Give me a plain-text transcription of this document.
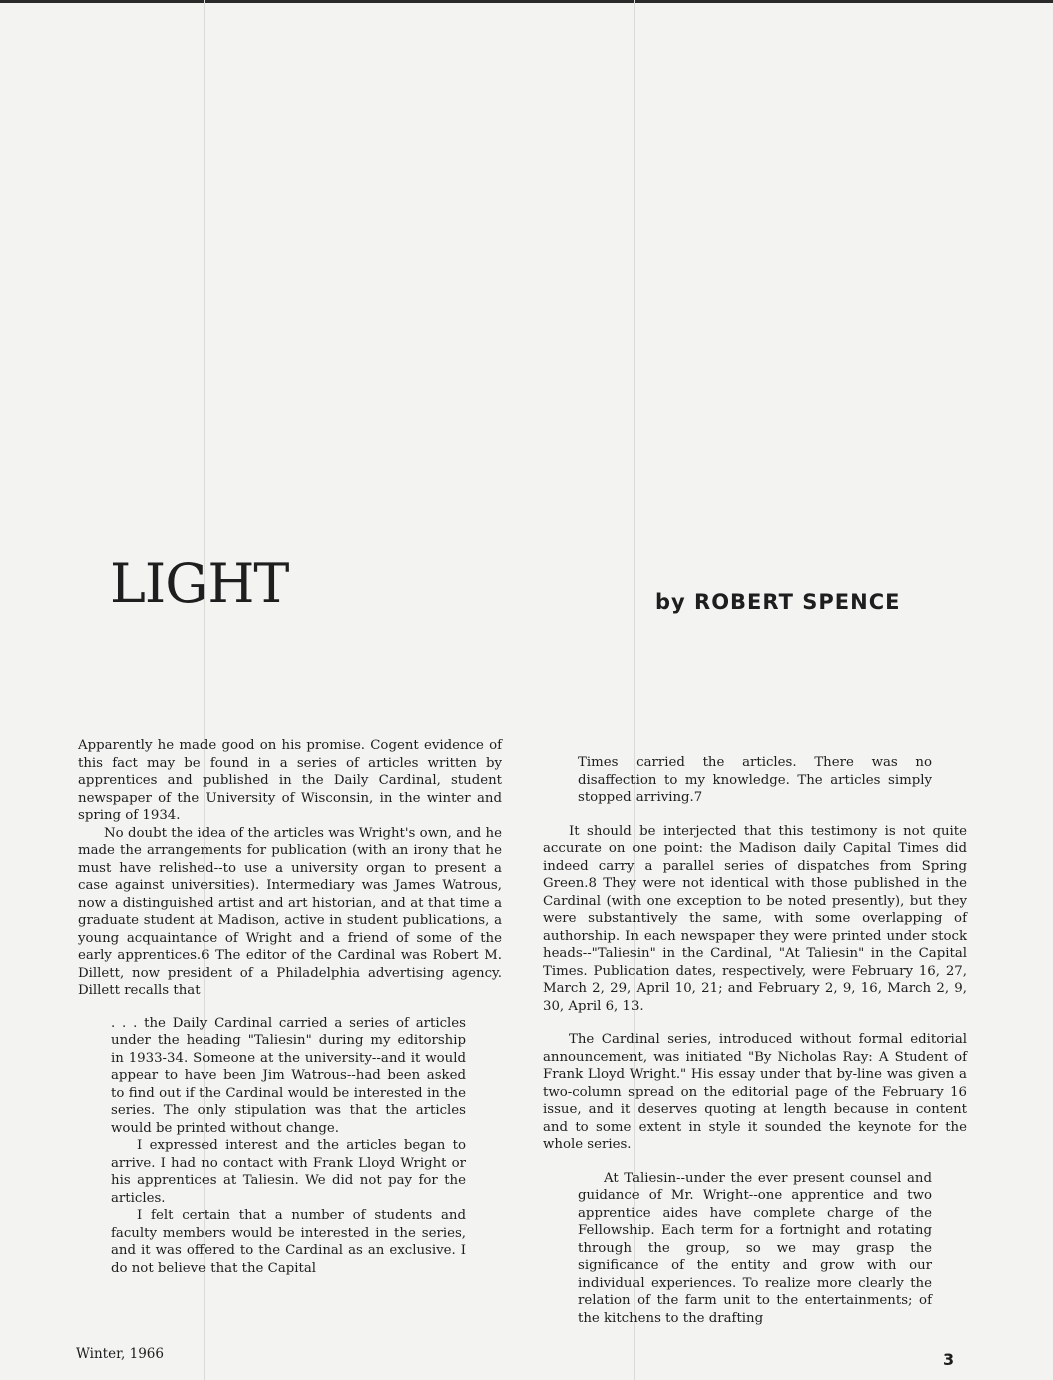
LIGHT	by ROBERT SPENCE

Apparently he made good on his promise. Cogent evidence of this fact may be found in a series of articles written by apprentices and published in the Daily Cardinal, student newspaper of the University of Wisconsin, in the winter and spring of 1934.

No doubt the idea of the articles was Wright's own, and he made the arrangements for publication (with an irony that he must have relished--to use a university organ to present a case against universities). Intermediary was James Watrous, now a distinguished artist and art historian, and at that time a graduate student at Madison, active in student publications, a young acquaintance of Wright and a friend of some of the early apprentices.6 The editor of the Cardinal was Robert M. Dillett, now president of a Philadelphia advertising agency. Dillett recalls that

. . . the Daily Cardinal carried a series of articles under the heading "Taliesin" during my editorship in 1933-34. Someone at the university--and it would appear to have been Jim Watrous--had been asked to find out if the Cardinal would be interested in the series. The only stipulation was that the articles would be printed without change.

I expressed interest and the articles began to arrive. I had no contact with Frank Lloyd Wright or his apprentices at Taliesin. We did not pay for the articles.

I felt certain that a number of students and faculty members would be interested in the series, and it was offered to the Cardinal as an exclusive. I do not believe that the Capital

Times carried the articles. There was no disaffection to my knowledge. The articles simply stopped arriving.7

It should be interjected that this testimony is not quite accurate on one point: the Madison daily Capital Times did indeed carry a parallel series of dispatches from Spring Green.8 They were not identical with those published in the Cardinal (with one exception to be noted presently), but they were substantively the same, with some overlapping of authorship. In each newspaper they were printed under stock heads--"Taliesin" in the Cardinal, "At Taliesin" in the Capital Times. Publication dates, respectively, were February 16, 27, March 2, 29, April 10, 21; and February 2, 9, 16, March 2, 9, 30, April 6, 13.

The Cardinal series, introduced without formal editorial announcement, was initiated "By Nicholas Ray: A Student of Frank Lloyd Wright." His essay under that by-line was given a two-column spread on the editorial page of the February 16 issue, and it deserves quoting at length because in content and to some extent in style it sounded the keynote for the whole series.

At Taliesin--under the ever present counsel and guidance of Mr. Wright--one apprentice and two apprentice aides have complete charge of the Fellowship. Each term for a fortnight and rotating through the group, so we may grasp the significance of the entity and grow with our individual experiences. To realize more clearly the relation of the farm unit to the entertainments; of the kitchens to the drafting

Winter, 1966	3
